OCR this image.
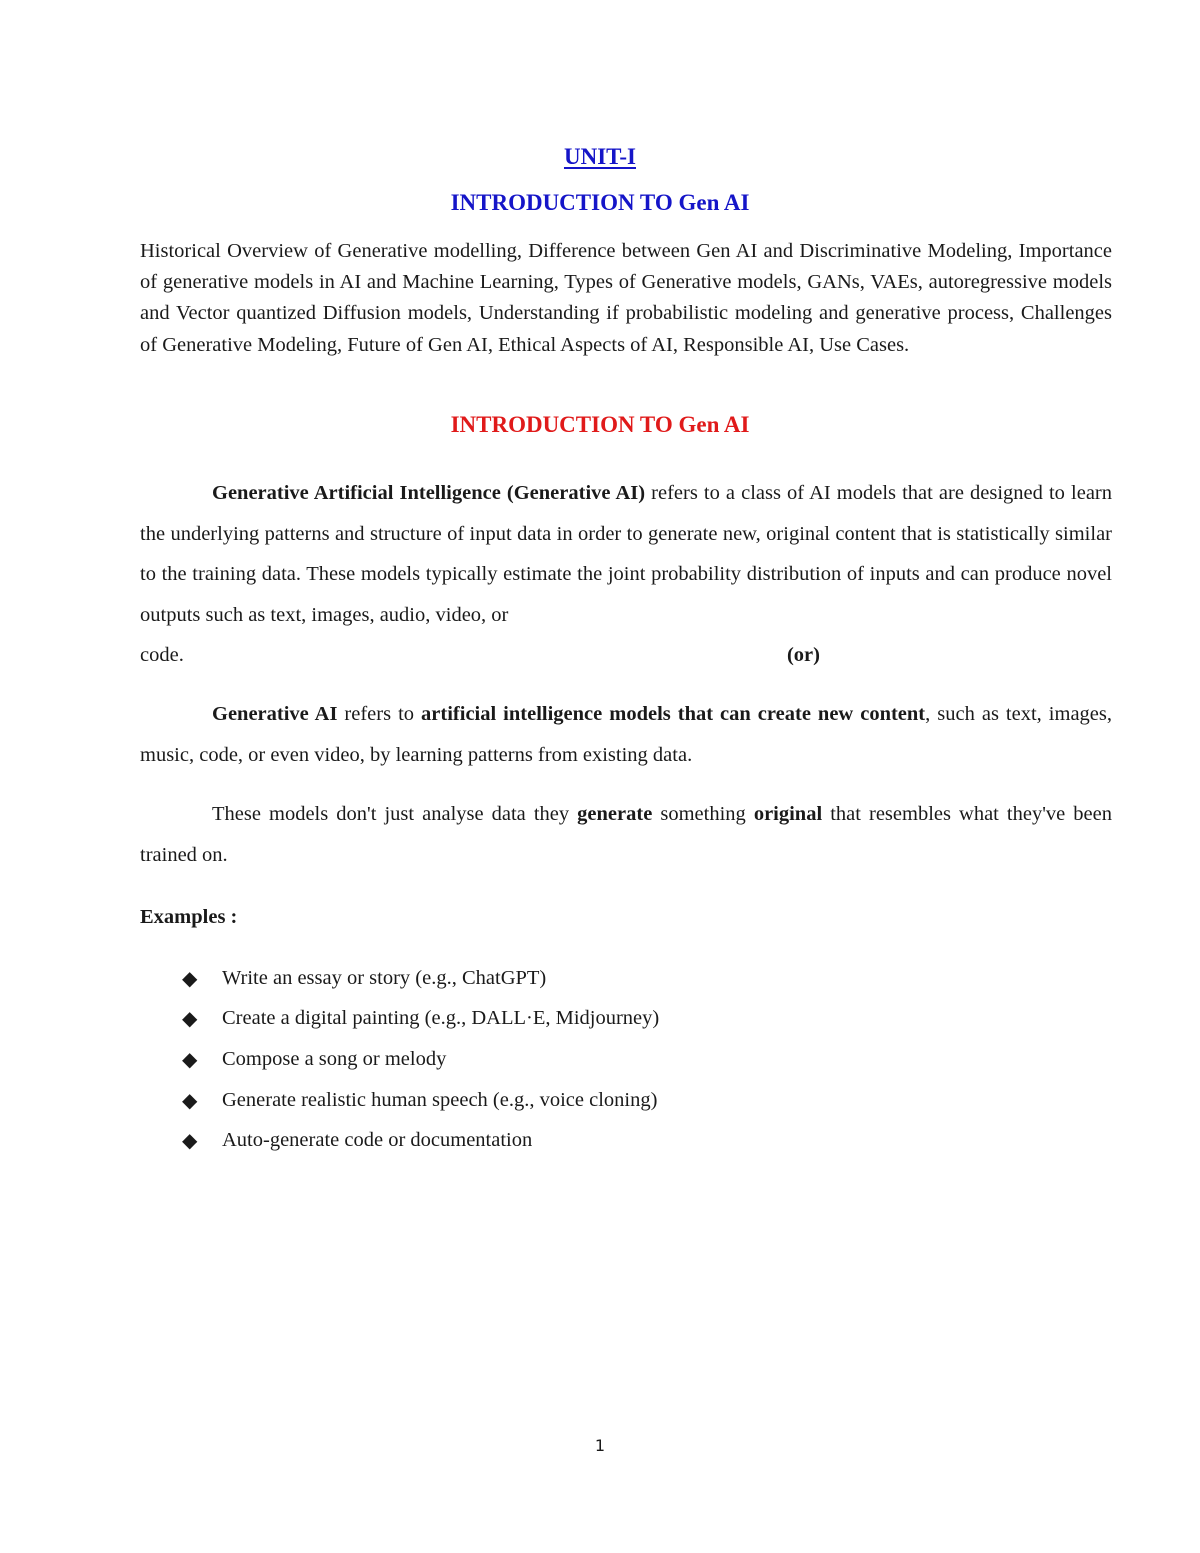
UNIT-I
INTRODUCTION TO Gen AI
Historical Overview of Generative modelling, Difference between Gen AI and Discriminative Modeling, Importance of generative models in AI and Machine Learning, Types of Generative models, GANs, VAEs, autoregressive models and Vector quantized Diffusion models, Understanding if probabilistic modeling and generative process, Challenges of Generative Modeling, Future of Gen AI, Ethical Aspects of AI, Responsible AI, Use Cases.
INTRODUCTION TO Gen AI
Generative Artificial Intelligence (Generative AI) refers to a class of AI models that are designed to learn the underlying patterns and structure of input data in order to generate new, original content that is statistically similar to the training data. These models typically estimate the joint probability distribution of inputs and can produce novel outputs such as text, images, audio, video, or
code.	(or)
Generative AI refers to artificial intelligence models that can create new content, such as text, images, music, code, or even video, by learning patterns from existing data.
These models don't just analyse data they generate something original that resembles what they've been trained on.
Examples :
◆	Write an essay or story (e.g., ChatGPT)
◆	Create a digital painting (e.g., DALL·E, Midjourney)
◆	Compose a song or melody
◆	Generate realistic human speech (e.g., voice cloning)
◆	Auto-generate code or documentation
1
